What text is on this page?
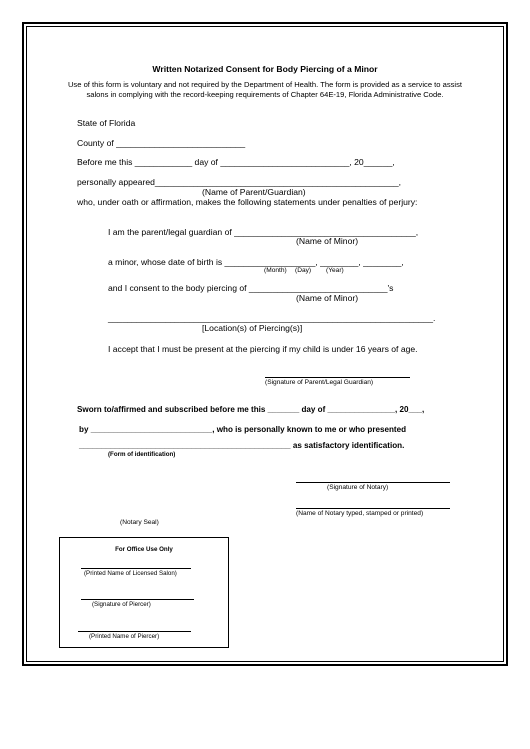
Written Notarized Consent for Body Piercing of a Minor
Use of this form is voluntary and not required by the Department of Health. The form is provided as a service to assist salons in complying with the record-keeping requirements of Chapter 64E-19, Florida Administrative Code.
State of Florida
County of ___________________________
Before me this ____________ day of ___________________________, 20______,
personally appeared___________________________________________________,
(Name of Parent/Guardian)
who, under oath or affirmation, makes the following statements under penalties of perjury:
I am the parent/legal guardian of ______________________________________,
(Name of Minor)
a minor, whose date of birth is ___________________, ________, ________,
(Month) (Day) (Year)
and I consent to the body piercing of _____________________________'s
(Name of Minor)
____________________________________________________________________.
[Location(s) of Piercing(s)]
I accept that I must be present at the piercing if my child is under 16 years of age.
(Signature of Parent/Legal Guardian)
Sworn to/affirmed and subscribed before me this _______ day of _______________, 20___,
by ___________________________, who is personally known to me or who presented
_______________________________________________ as satisfactory identification.
(Form of identification)
(Signature of Notary)
(Name of Notary typed, stamped or printed)
(Notary Seal)
For Office Use Only
(Printed Name of Licensed Salon)
(Signature of Piercer)
(Printed Name of Piercer)
